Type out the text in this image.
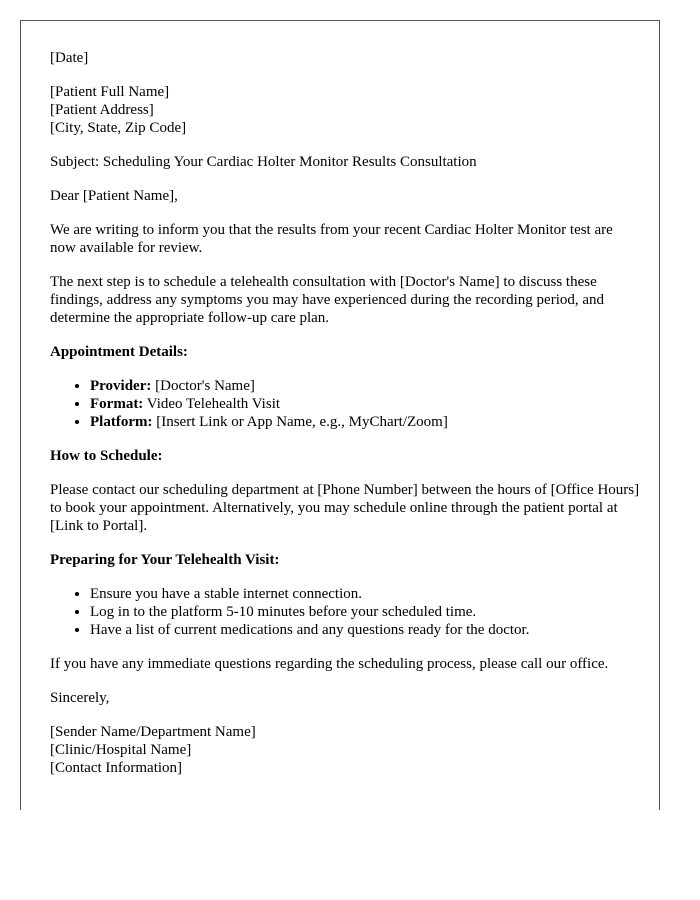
[Date]

[Patient Full Name]
[Patient Address]
[City, State, Zip Code]

Subject: Scheduling Your Cardiac Holter Monitor Results Consultation

Dear [Patient Name],

We are writing to inform you that the results from your recent Cardiac Holter Monitor test are now available for review.

The next step is to schedule a telehealth consultation with [Doctor's Name] to discuss these findings, address any symptoms you may have experienced during the recording period, and determine the appropriate follow-up care plan.

Appointment Details:

• Provider: [Doctor's Name]
• Format: Video Telehealth Visit
• Platform: [Insert Link or App Name, e.g., MyChart/Zoom]

How to Schedule:

Please contact our scheduling department at [Phone Number] between the hours of [Office Hours] to book your appointment. Alternatively, you may schedule online through the patient portal at [Link to Portal].

Preparing for Your Telehealth Visit:

• Ensure you have a stable internet connection.
• Log in to the platform 5-10 minutes before your scheduled time.
• Have a list of current medications and any questions ready for the doctor.

If you have any immediate questions regarding the scheduling process, please call our office.

Sincerely,

[Sender Name/Department Name]
[Clinic/Hospital Name]
[Contact Information]
